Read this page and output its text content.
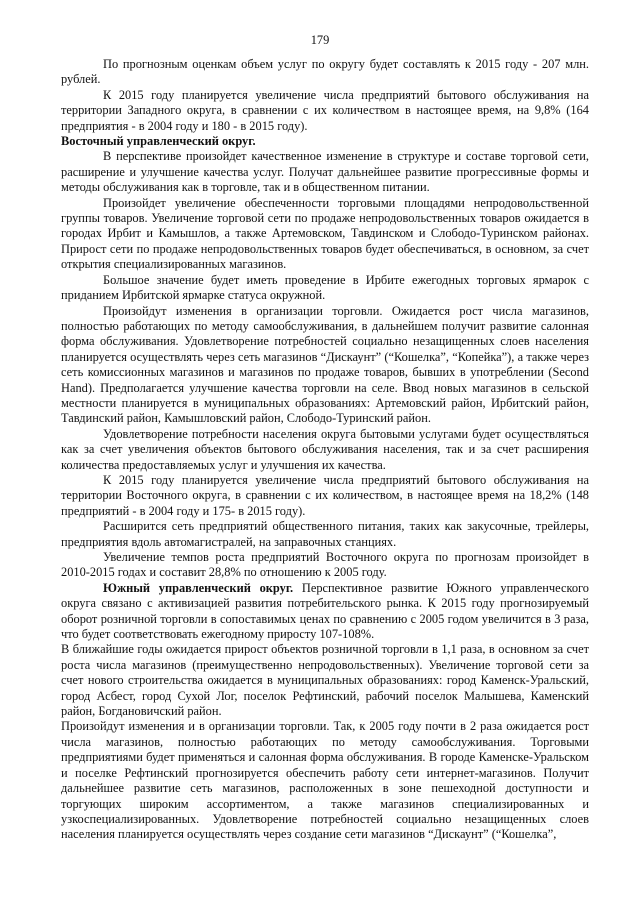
179

По прогнозным оценкам объем услуг по округу будет составлять к 2015 году - 207 млн. рублей.

К 2015 году планируется увеличение числа предприятий бытового обслуживания на территории Западного округа, в сравнении с их количеством в настоящее время, на 9,8% (164 предприятия - в 2004 году и 180 - в 2015 году).

Восточный управленческий округ.

В перспективе произойдет качественное изменение в структуре и составе торговой сети, расширение и улучшение качества услуг. Получат дальнейшее развитие прогрессивные формы и методы обслуживания как в торговле, так и в общественном питании.

Произойдет увеличение обеспеченности торговыми площадями непродовольственной группы товаров. Увеличение торговой сети по продаже непродовольственных товаров ожидается в городах Ирбит и Камышлов, а также Артемовском, Тавдинском и Слободо-Туринском районах. Прирост сети по продаже непродовольственных товаров будет обеспечиваться, в основном, за счет открытия специализированных магазинов.

Большое значение будет иметь проведение в Ирбите ежегодных торговых ярмарок с приданием Ирбитской ярмарке статуса окружной.

Произойдут изменения в организации торговли. Ожидается рост числа магазинов, полностью работающих по методу самообслуживания, в дальнейшем получит развитие салонная форма обслуживания. Удовлетворение потребностей социально незащищенных слоев населения планируется осуществлять через сеть магазинов “Дискаунт” (“Кошелка”, “Копейка”), а также через сеть комиссионных магазинов и магазинов по продаже товаров, бывших в употреблении (Second Hand). Предполагается улучшение качества торговли на селе. Ввод новых магазинов в сельской местности планируется в муниципальных образованиях: Артемовский район, Ирбитский район, Тавдинский район, Камышловский район, Слободо-Туринский район.

Удовлетворение потребности населения округа бытовыми услугами будет осуществляться как за счет увеличения объектов бытового обслуживания населения, так и за счет расширения количества предоставляемых услуг и улучшения их качества.

К 2015 году планируется увеличение числа предприятий бытового обслуживания на территории Восточного округа, в сравнении с их количеством, в настоящее время на 18,2% (148 предприятий - в 2004 году и 175- в 2015 году).

Расширится сеть предприятий общественного питания, таких как закусочные, трейлеры, предприятия вдоль автомагистралей, на заправочных станциях.

Увеличение темпов роста предприятий Восточного округа по прогнозам произойдет в 2010-2015 годах и составит 28,8% по отношению к 2005 году.

Южный управленческий округ. Перспективное развитие Южного управленческого округа связано с активизацией развития потребительского рынка. К 2015 году прогнозируемый оборот розничной торговли в сопоставимых ценах по сравнению с 2005 годом увеличится в 3 раза, что будет соответствовать ежегодному приросту 107-108%.

В ближайшие годы ожидается прирост объектов розничной торговли в 1,1 раза, в основном за счет роста числа магазинов (преимущественно непродовольственных). Увеличение торговой сети за счет нового строительства ожидается в муниципальных образованиях: город Каменск-Уральский, город Асбест, город Сухой Лог, поселок Рефтинский, рабочий поселок Малышева, Каменский район, Богдановичский район.

Произойдут изменения и в организации торговли. Так, к 2005 году почти в 2 раза ожидается рост числа магазинов, полностью работающих по методу самообслуживания. Торговыми предприятиями будет применяться и салонная форма обслуживания. В городе Каменске-Уральском и поселке Рефтинский прогнозируется обеспечить работу сети интернет-магазинов. Получит дальнейшее развитие сеть магазинов, расположенных в зоне пешеходной доступности и торгующих широким ассортиментом, а также магазинов специализированных и узкоспециализированных. Удовлетворение потребностей социально незащищенных слоев населения планируется осуществлять через создание сети магазинов “Дискаунт” (“Кошелка”,
